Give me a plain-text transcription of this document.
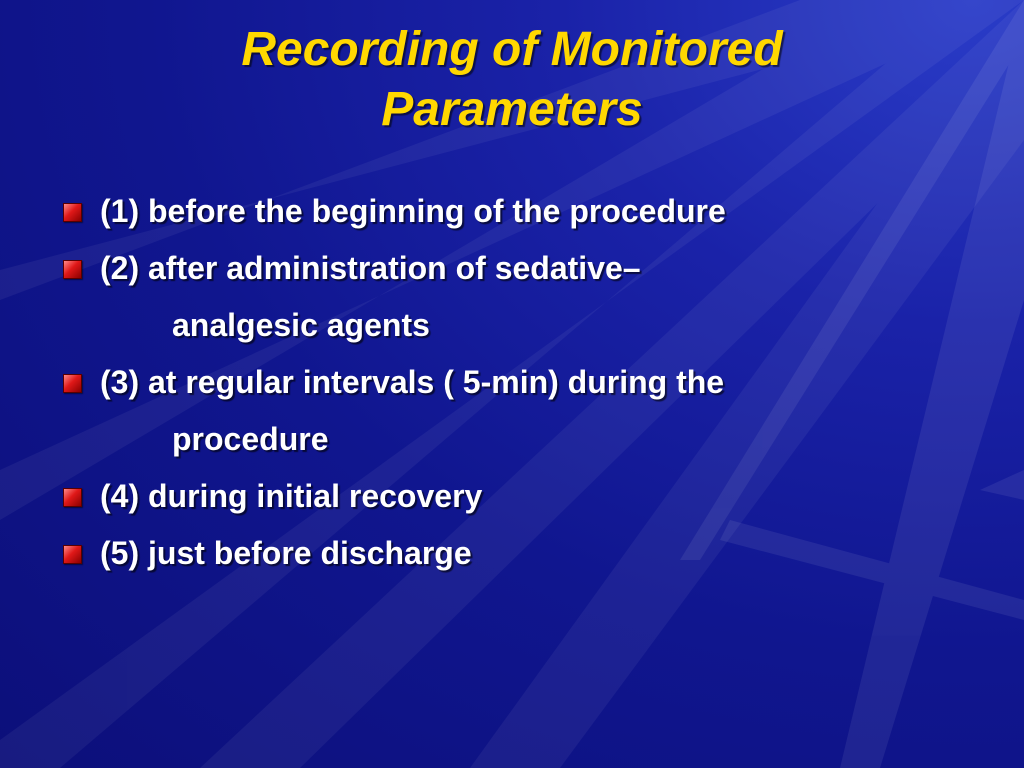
Recording of Monitored
Parameters
(1) before the beginning of the procedure
(2) after administration of sedative–
analgesic agents
(3) at regular intervals ( 5-min) during the
procedure
(4) during initial recovery
(5) just before discharge
